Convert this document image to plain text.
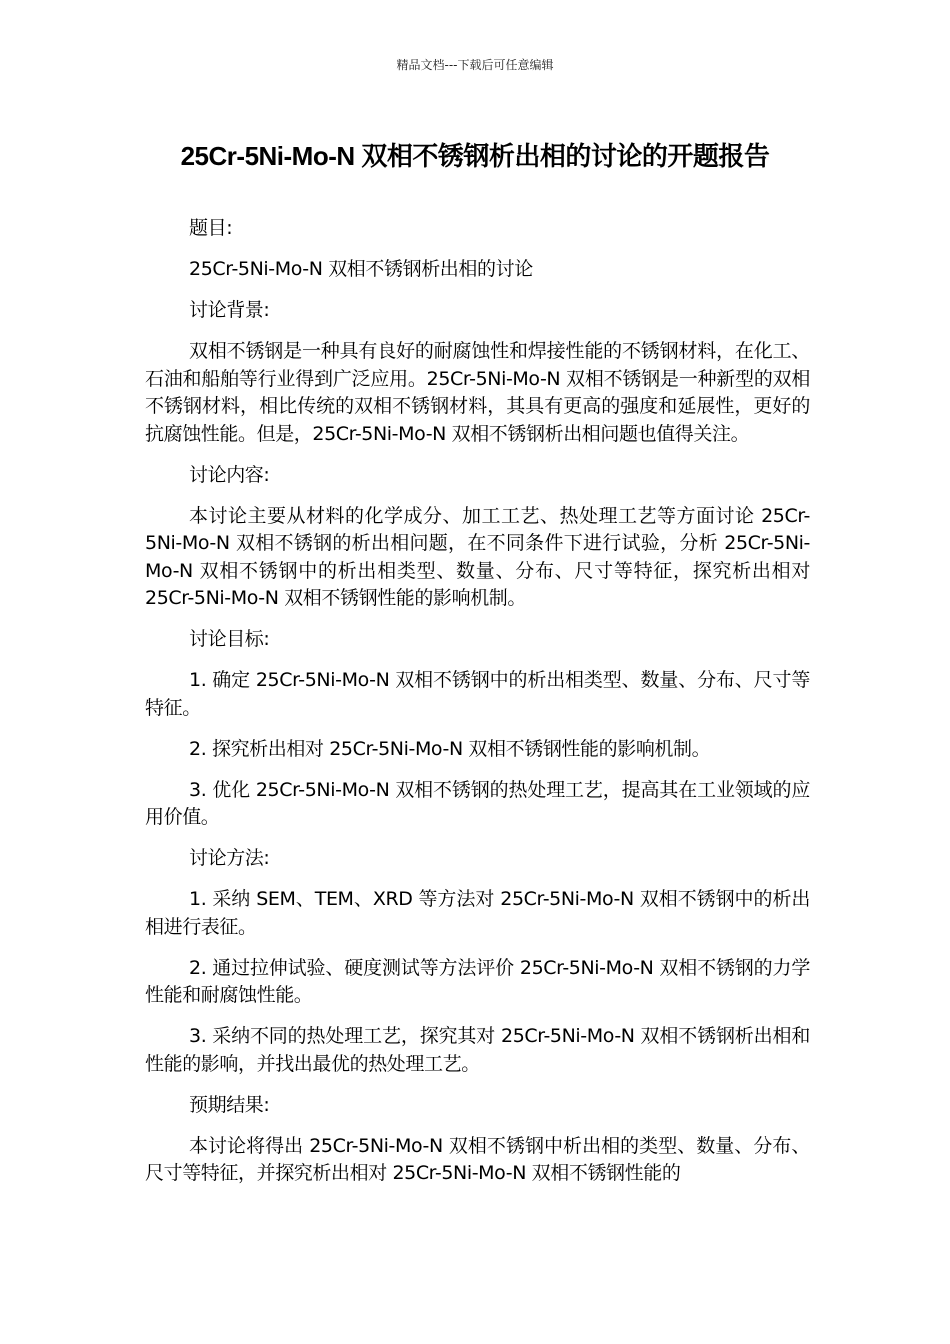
精品文档---下载后可任意编辑
25Cr-5Ni-Mo-N 双相不锈钢析出相的讨论的开题报告

题目:

25Cr-5Ni-Mo-N 双相不锈钢析出相的讨论

讨论背景:

双相不锈钢是一种具有良好的耐腐蚀性和焊接性能的不锈钢材料，在化工、石油和船舶等行业得到广泛应用。25Cr-5Ni-Mo-N 双相不锈钢是一种新型的双相不锈钢材料，相比传统的双相不锈钢材料，其具有更高的强度和延展性，更好的抗腐蚀性能。但是，25Cr-5Ni-Mo-N 双相不锈钢析出相问题也值得关注。

讨论内容:

本讨论主要从材料的化学成分、加工工艺、热处理工艺等方面讨论 25Cr-5Ni-Mo-N 双相不锈钢的析出相问题，在不同条件下进行试验，分析 25Cr-5Ni-Mo-N 双相不锈钢中的析出相类型、数量、分布、尺寸等特征，探究析出相对 25Cr-5Ni-Mo-N 双相不锈钢性能的影响机制。

讨论目标:

1. 确定 25Cr-5Ni-Mo-N 双相不锈钢中的析出相类型、数量、分布、尺寸等特征。

2. 探究析出相对 25Cr-5Ni-Mo-N 双相不锈钢性能的影响机制。

3. 优化 25Cr-5Ni-Mo-N 双相不锈钢的热处理工艺，提高其在工业领域的应用价值。

讨论方法:

1. 采纳 SEM、TEM、XRD 等方法对 25Cr-5Ni-Mo-N 双相不锈钢中的析出相进行表征。

2. 通过拉伸试验、硬度测试等方法评价 25Cr-5Ni-Mo-N 双相不锈钢的力学性能和耐腐蚀性能。

3. 采纳不同的热处理工艺，探究其对 25Cr-5Ni-Mo-N 双相不锈钢析出相和性能的影响，并找出最优的热处理工艺。

预期结果:

本讨论将得出 25Cr-5Ni-Mo-N 双相不锈钢中析出相的类型、数量、分布、尺寸等特征，并探究析出相对 25Cr-5Ni-Mo-N 双相不锈钢性能的
